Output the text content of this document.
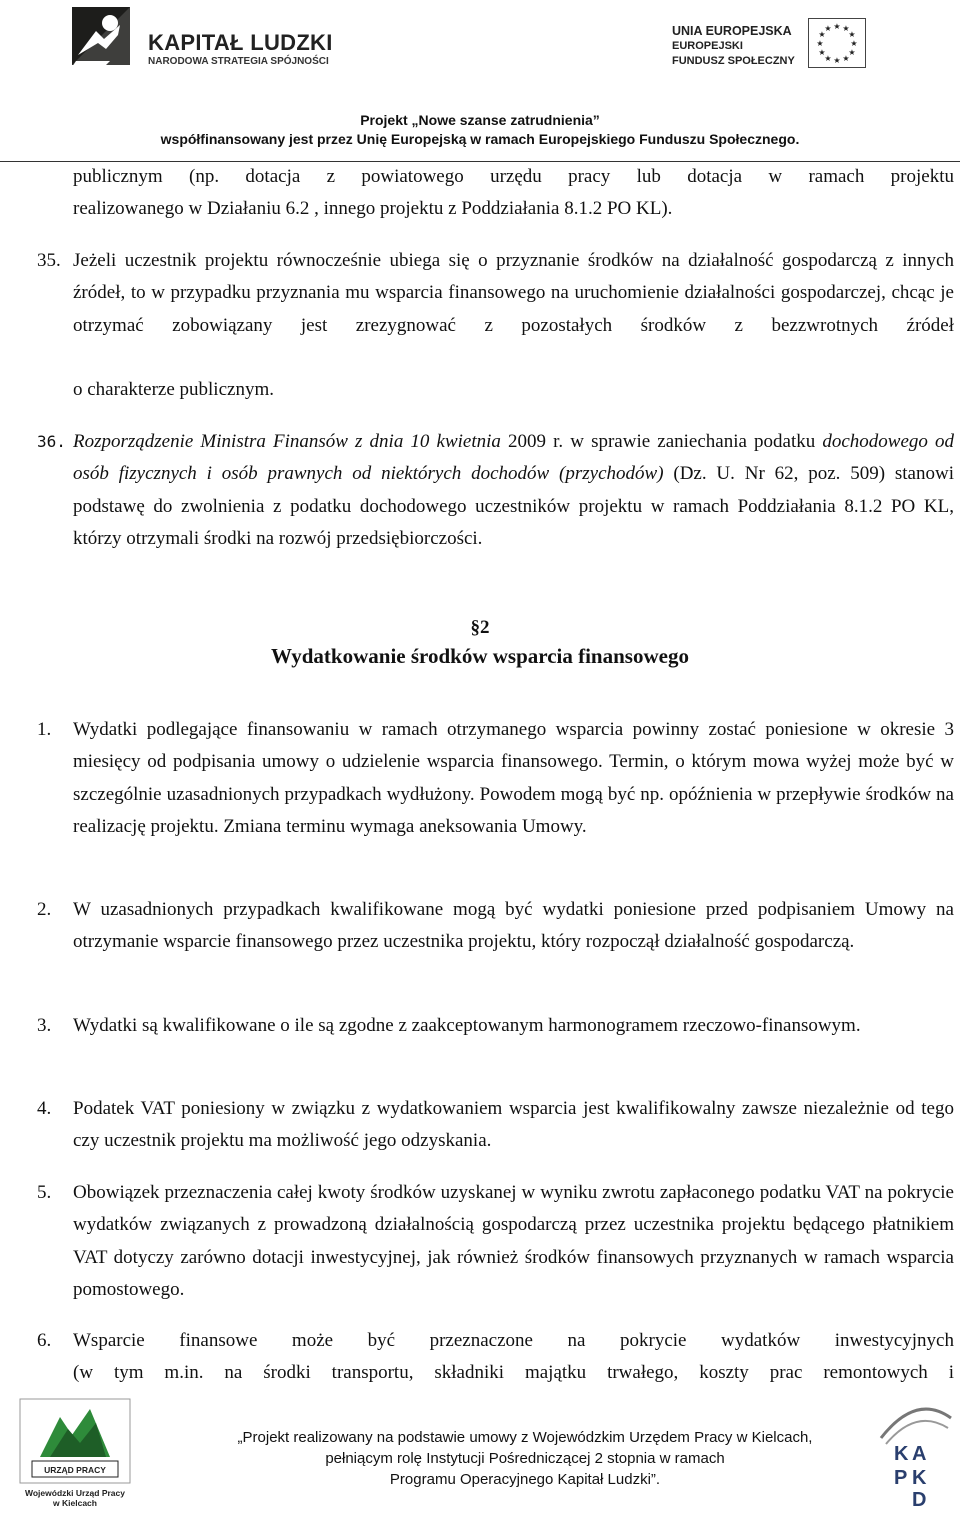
KAPITAŁ LUDZKI
NARODOWA STRATEGIA SPÓJNOŚCI
UNIA EUROPEJSKA
EUROPEJSKI
FUNDUSZ SPOŁECZNY
★ ★
★
★
★
★
★
★
★
★
★
★
Projekt „Nowe szanse zatrudnienia”
współfinansowany jest przez Unię Europejską w ramach Europejskiego Funduszu Społecznego.
publicznym (np. dotacja z powiatowego urzędu pracy lub dotacja w ramach projektu
realizowanego w Działaniu 6.2 , innego projektu z Poddziałania 8.1.2 PO KL).
35. Jeżeli uczestnik projektu równocześnie ubiega się o przyznanie środków na działalność gospodarczą z innych źródeł, to w przypadku przyznania mu wsparcia finansowego na uruchomienie działalności gospodarczej, chcąc je otrzymać zobowiązany jest zrezygnować z pozostałych środków z bezzwrotnych źródeł
o charakterze publicznym.
36. Rozporządzenie Ministra Finansów z dnia 10 kwietnia 2009 r. w sprawie zaniechania podatku dochodowego od osób fizycznych i osób prawnych od niektórych dochodów (przychodów) (Dz. U. Nr 62, poz. 509) stanowi podstawę do zwolnienia z podatku dochodowego uczestników projektu w ramach Poddziałania 8.1.2 PO KL, którzy otrzymali środki na rozwój przedsiębiorczości.
§2
Wydatkowanie środków wsparcia finansowego
1. Wydatki podlegające finansowaniu w ramach otrzymanego wsparcia powinny zostać poniesione w okresie 3 miesięcy od podpisania umowy o udzielenie wsparcia finansowego. Termin, o którym mowa wyżej może być w szczególnie uzasadnionych przypadkach wydłużony. Powodem mogą być np. opóźnienia w przepływie środków na realizację projektu. Zmiana terminu wymaga aneksowania Umowy.
2. W uzasadnionych przypadkach kwalifikowane mogą być wydatki poniesione przed podpisaniem Umowy na otrzymanie wsparcie finansowego przez uczestnika projektu, który rozpoczął działalność gospodarczą.
3. Wydatki są kwalifikowane o ile są zgodne z zaakceptowanym harmonogramem rzeczowo-finansowym.
4. Podatek VAT poniesiony w związku z wydatkowaniem wsparcia jest kwalifikowalny zawsze niezależnie od tego czy uczestnik projektu ma możliwość jego odzyskania.
5. Obowiązek przeznaczenia całej kwoty środków uzyskanej w wyniku zwrotu zapłaconego podatku VAT na pokrycie wydatków związanych z prowadzoną działalnością gospodarczą przez uczestnika projektu będącego płatnikiem VAT dotyczy zarówno dotacji inwestycyjnej, jak również środków finansowych przyznanych w ramach wsparcia pomostowego.
6. Wsparcie finansowe może być przeznaczone na pokrycie wydatków inwestycyjnych
(w tym m.in. na środki transportu, składniki majątku trwałego, koszty prac remontowych i
URZĄD PRACY
Wojewódzki Urząd Pracy
w Kielcach
„Projekt realizowany na podstawie umowy z Wojewódzkim Urzędem Pracy w Kielcach,
pełniącym rolę Instytucji Pośredniczącej 2 stopnia w ramach
Programu Operacyjnego Kapitał Ludzki”.
K A
P K
D
